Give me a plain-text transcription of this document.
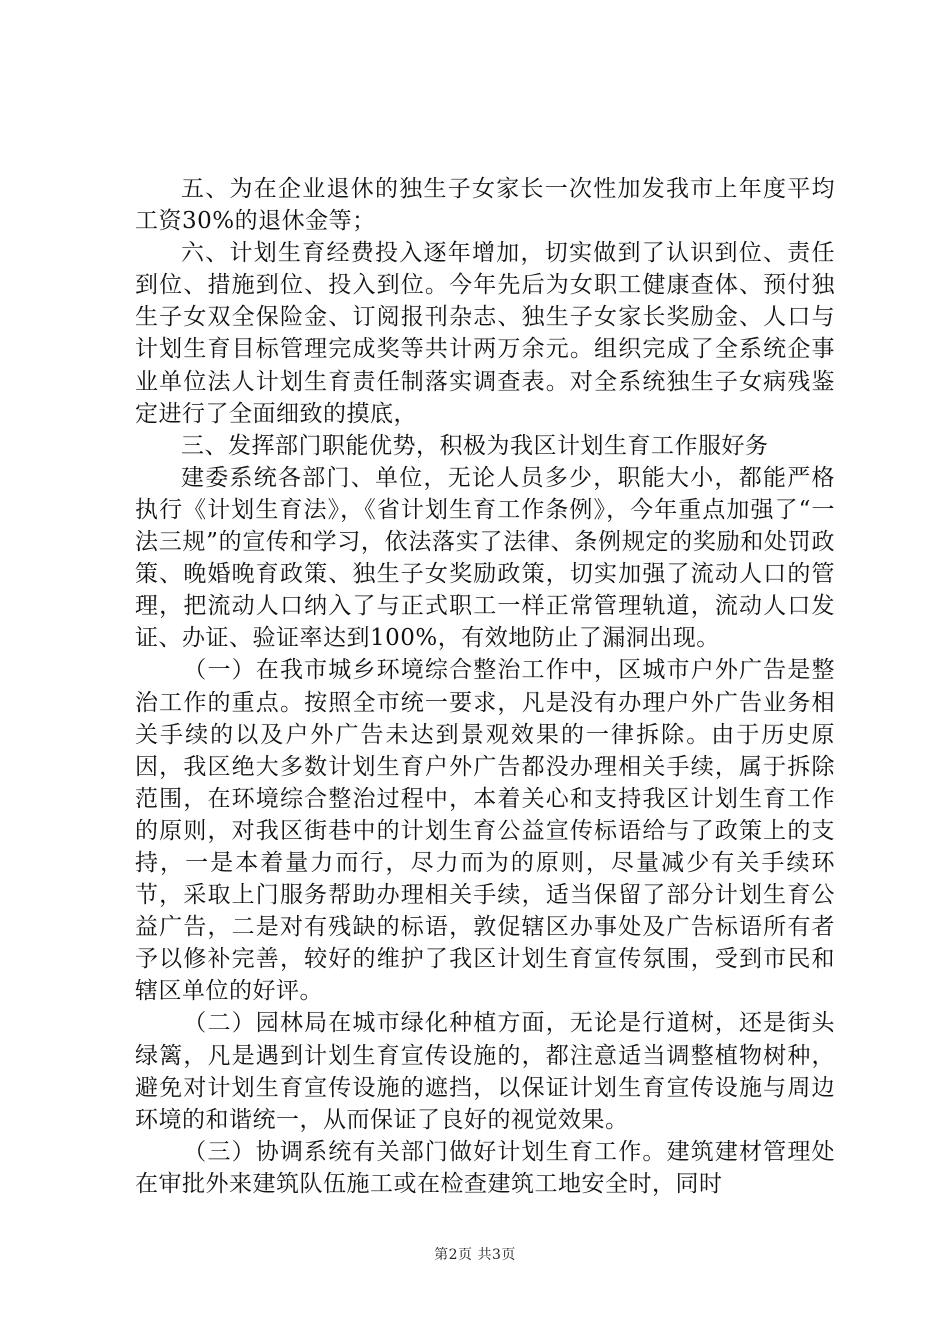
五、为在企业退休的独生子女家长一次性加发我市上年度平均工资30%的退休金等；

六、计划生育经费投入逐年增加，切实做到了认识到位、责任到位、措施到位、投入到位。今年先后为女职工健康查体、预付独生子女双全保险金、订阅报刊杂志、独生子女家长奖励金、人口与计划生育目标管理完成奖等共计两万余元。组织完成了全系统企事业单位法人计划生育责任制落实调查表。对全系统独生子女病残鉴定进行了全面细致的摸底，

三、发挥部门职能优势，积极为我区计划生育工作服好务

建委系统各部门、单位，无论人员多少，职能大小，都能严格执行《计划生育法》，《省计划生育工作条例》，今年重点加强了“一法三规”的宣传和学习，依法落实了法律、条例规定的奖励和处罚政策、晚婚晚育政策、独生子女奖励政策，切实加强了流动人口的管理，把流动人口纳入了与正式职工一样正常管理轨道，流动人口发证、办证、验证率达到100%，有效地防止了漏洞出现。

（一）在我市城乡环境综合整治工作中，区城市户外广告是整治工作的重点。按照全市统一要求，凡是没有办理户外广告业务相关手续的以及户外广告未达到景观效果的一律拆除。由于历史原因，我区绝大多数计划生育户外广告都没办理相关手续，属于拆除范围，在环境综合整治过程中，本着关心和支持我区计划生育工作的原则，对我区街巷中的计划生育公益宣传标语给与了政策上的支持，一是本着量力而行，尽力而为的原则，尽量减少有关手续环节，采取上门服务帮助办理相关手续，适当保留了部分计划生育公益广告，二是对有残缺的标语，敦促辖区办事处及广告标语所有者予以修补完善，较好的维护了我区计划生育宣传氛围，受到市民和辖区单位的好评。

（二）园林局在城市绿化种植方面，无论是行道树，还是街头绿篱，凡是遇到计划生育宣传设施的，都注意适当调整植物树种，避免对计划生育宣传设施的遮挡，以保证计划生育宣传设施与周边环境的和谐统一，从而保证了良好的视觉效果。

（三）协调系统有关部门做好计划生育工作。建筑建材管理处在审批外来建筑队伍施工或在检查建筑工地安全时，同时

第2页 共3页
